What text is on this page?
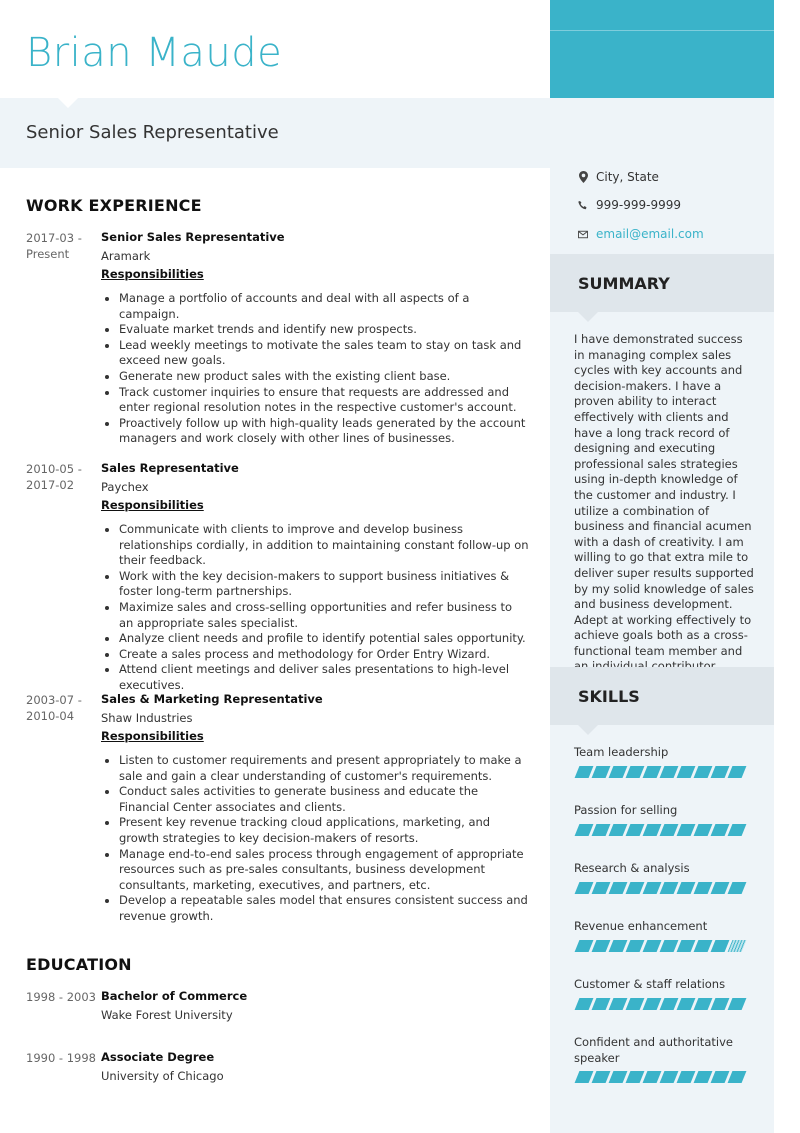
Brian Maude
Senior Sales Representative
City, State
999-999-9999
email@email.com
SUMMARY
I have demonstrated success in managing complex sales cycles with key accounts and decision-makers. I have a proven ability to interact effectively with clients and have a long track record of designing and executing professional sales strategies using in-depth knowledge of the customer and industry. I utilize a combination of business and financial acumen with a dash of creativity. I am willing to go that extra mile to deliver super results supported by my solid knowledge of sales and business development. Adept at working effectively to achieve goals both as a cross-functional team member and
SKILLS
Team leadership
Passion for selling
Research & analysis
Revenue enhancement
Customer & staff relations
Confident and authoritative speaker
WORK EXPERIENCE
2017-03 - Present
Senior Sales Representative
Aramark
Responsibilities
• Manage a portfolio of accounts and deal with all aspects of a campaign.
• Evaluate market trends and identify new prospects.
• Lead weekly meetings to motivate the sales team to stay on task and exceed new goals.
• Generate new product sales with the existing client base.
• Track customer inquiries to ensure that requests are addressed and enter regional resolution notes in the respective customer's account.
• Proactively follow up with high-quality leads generated by the account managers and work closely with other lines of businesses.
2010-05 - 2017-02
Sales Representative
Paychex
Responsibilities
• Communicate with clients to improve and develop business relationships cordially, in addition to maintaining constant follow-up on their feedback.
• Work with the key decision-makers to support business initiatives & foster long-term partnerships.
• Maximize sales and cross-selling opportunities and refer business to an appropriate sales specialist.
• Analyze client needs and profile to identify potential sales opportunity.
• Create a sales process and methodology for Order Entry Wizard.
• Attend client meetings and deliver sales presentations to high-level executives.
2003-07 - 2010-04
Sales & Marketing Representative
Shaw Industries
Responsibilities
• Listen to customer requirements and present appropriately to make a sale and gain a clear understanding of customer's requirements.
• Conduct sales activities to generate business and educate the Financial Center associates and clients.
• Present key revenue tracking cloud applications, marketing, and growth strategies to key decision-makers of resorts.
• Manage end-to-end sales process through engagement of appropriate resources such as pre-sales consultants, business development consultants, marketing, executives, and partners, etc.
• Develop a repeatable sales model that ensures consistent success and revenue growth.
EDUCATION
1998 - 2003 Bachelor of Commerce
Wake Forest University
1990 - 1998 Associate Degree
University of Chicago
